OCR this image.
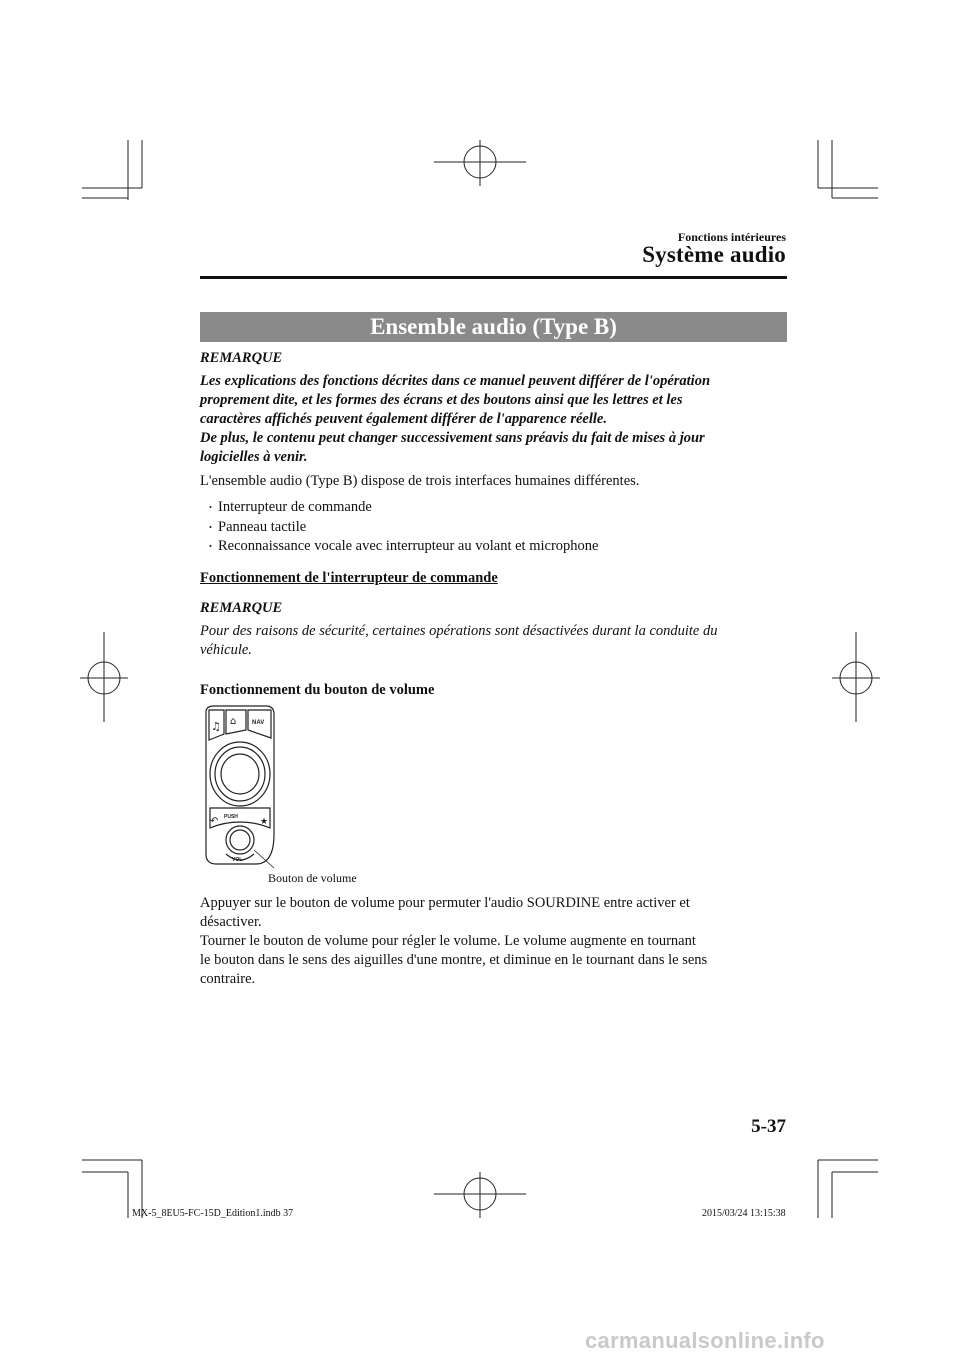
Fonctions intérieures
Système audio
Ensemble audio (Type B)
REMARQUE
Les explications des fonctions décrites dans ce manuel peuvent différer de l'opération
proprement dite, et les formes des écrans et des boutons ainsi que les lettres et les
caractères affichés peuvent également différer de l'apparence réelle.
De plus, le contenu peut changer successivement sans préavis du fait de mises à jour
logicielles à venir.
L'ensemble audio (Type B) dispose de trois interfaces humaines différentes.
・ Interrupteur de commande
・ Panneau tactile
・ Reconnaissance vocale avec interrupteur au volant et microphone
Fonctionnement de l'interrupteur de commande
REMARQUE
Pour des raisons de sécurité, certaines opérations sont désactivées durant la conduite du
véhicule.
Fonctionnement du bouton de volume
♫ ⌂
↶	★
NAV
PUSH
VOL
Bouton de volume
Appuyer sur le bouton de volume pour permuter l'audio SOURDINE entre activer et
désactiver.
Tourner le bouton de volume pour régler le volume. Le volume augmente en tournant
le bouton dans le sens des aiguilles d'une montre, et diminue en le tournant dans le sens
contraire.
5-37
MX-5_8EU5-FC-15D_Edition1.indb 37	2015/03/24 13:15:38
carmanualsonline.info
